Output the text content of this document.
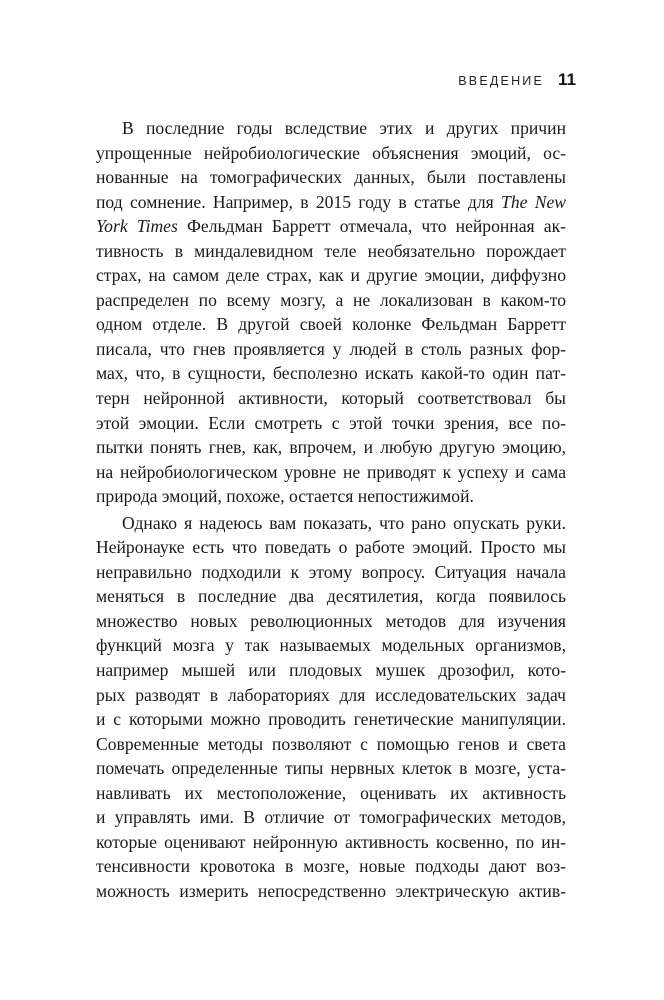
ВВЕДЕНИЕ 11
В последние годы вследствие этих и других причин
упрощенные нейробиологические объяснения эмоций, ос-
нованные на томографических данных, были поставлены
под сомнение. Например, в 2015 году в статье для The New
York Times Фельдман Барретт отмечала, что нейронная ак-
тивность в миндалевидном теле необязательно порождает
страх, на самом деле страх, как и другие эмоции, диффузно
распределен по всему мозгу, а не локализован в каком-то
одном отделе. В другой своей колонке Фельдман Барретт
писала, что гнев проявляется у людей в столь разных фор-
мах, что, в сущности, бесполезно искать какой-то один пат-
терн нейронной активности, который соответствовал бы
этой эмоции. Если смотреть с этой точки зрения, все по-
пытки понять гнев, как, впрочем, и любую другую эмоцию,
на нейробиологическом уровне не приводят к успеху и сама
природа эмоций, похоже, остается непостижимой.
Однако я надеюсь вам показать, что рано опускать руки.
Нейронауке есть что поведать о работе эмоций. Просто мы
неправильно подходили к этому вопросу. Ситуация начала
меняться в последние два десятилетия, когда появилось
множество новых революционных методов для изучения
функций мозга у так называемых модельных организмов,
например мышей или плодовых мушек дрозофил, кото-
рых разводят в лабораториях для исследовательских задач
и с которыми можно проводить генетические манипуляции.
Современные методы позволяют с помощью генов и света
помечать определенные типы нервных клеток в мозге, уста-
навливать их местоположение, оценивать их активность
и управлять ими. В отличие от томографических методов,
которые оценивают нейронную активность косвенно, по ин-
тенсивности кровотока в мозге, новые подходы дают воз-
можность измерить непосредственно электрическую актив-
